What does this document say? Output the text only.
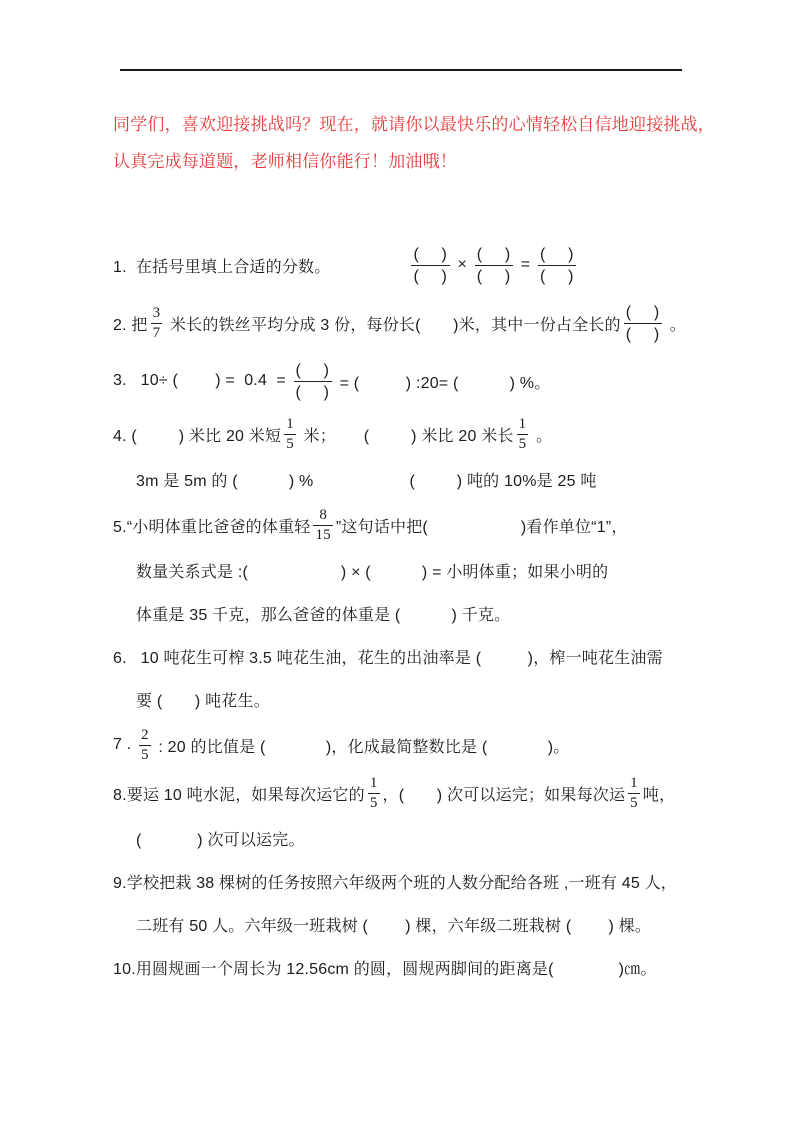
同学们，喜欢迎接挑战吗？现在，就请你以最快乐的心情轻松自信地迎接挑战，
认真完成每道题，老师相信你能行！加油哦！
1.  在括号里填上合适的分数。	$\frac{( )}{( )} \times \frac{( )}{( )} = \frac{( )}{( )}$
2. 把 $\frac{3}{7}$ 米长的铁丝平均分成 3 份，每份长(       )米，其中一份占全长的 $\frac{( )}{( )}$ 。
3.   10÷ (        ) =  $0.4 = \frac{( )}{( )}$ = (          ) :20= (           ) %。
4. (         ) 米比 20 米短 $\frac{1}{5}$ 米；      (         ) 米比 20 米长 $\frac{1}{5}$ 。
3m 是 5m 的 (           ) %	(         ) 吨的 10%是 25 吨
5.“小明体重比爸爸的体重轻 $\frac{8}{15}$ ”这句话中把(                    )看作单位“1”，
数量关系式是 :(                    ) × (           ) = 小明体重；如果小明的
体重是 35 千克，那么爸爸的体重是 (           ) 千克。
6.   10 吨花生可榨 3.5 吨花生油，花生的出油率是 (          )，榨一吨花生油需
要 (       ) 吨花生。
7 . $\frac{2}{5}$ : 20 的比值是 (             )，化成最简整数比是 (             )。
8.要运 10 吨水泥，如果每次运它的 $\frac{1}{5}$ ，(       ) 次可以运完；如果每次运 $\frac{1}{5}$ 吨，
(            ) 次可以运完。
9.学校把栽 38 棵树的任务按照六年级两个班的人数分配给各班 ,一班有 45 人，
二班有 50 人。六年级一班栽树 (        ) 棵，六年级二班栽树 (        ) 棵。
10.用圆规画一个周长为 12.56cm 的圆，圆规两脚间的距离是(              )㎝。
